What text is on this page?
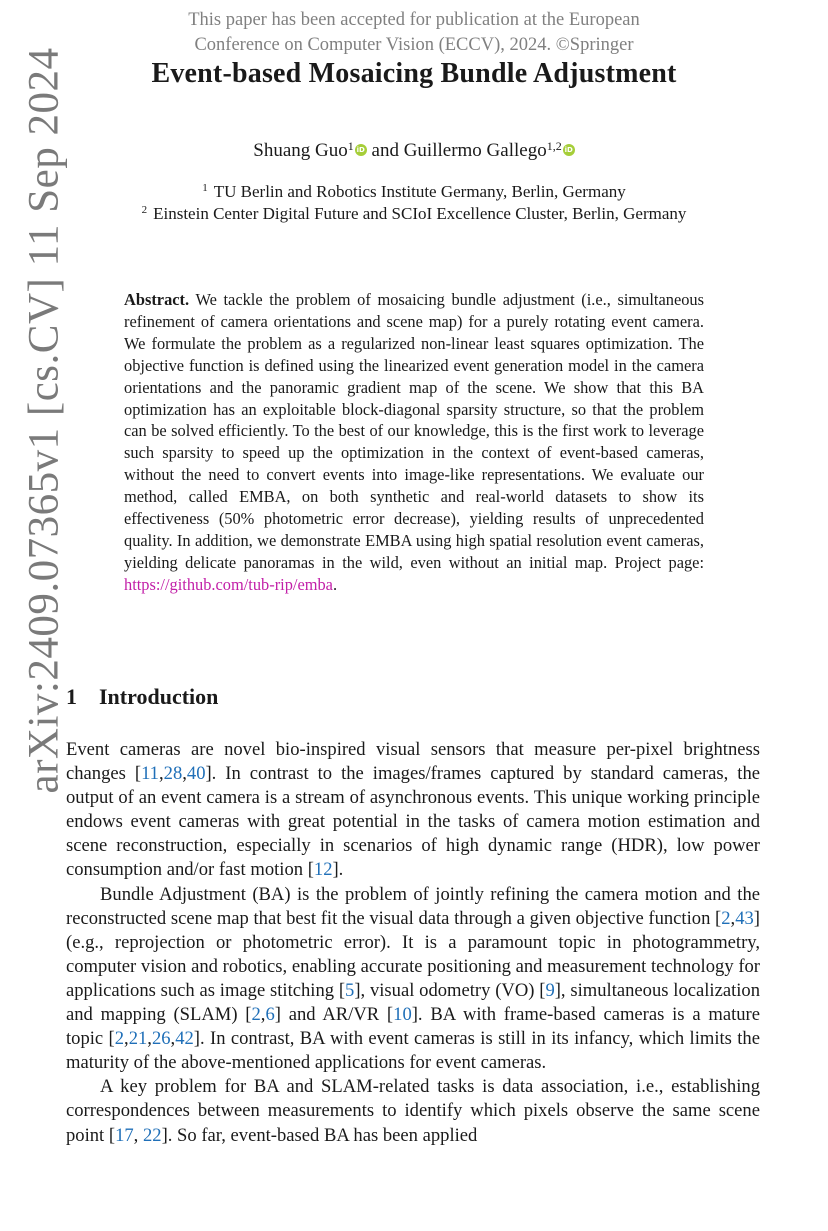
arXiv:2409.07365v1 [cs.CV] 11 Sep 2024
This paper has been accepted for publication at the European
Conference on Computer Vision (ECCV), 2024. ©Springer
Event-based Mosaicing Bundle Adjustment
Shuang Guo$^1$ iD and Guillermo Gallego$^{1,2}$ iD
$^1$ TU Berlin and Robotics Institute Germany, Berlin, Germany
$^2$ Einstein Center Digital Future and SCIoI Excellence Cluster, Berlin, Germany
Abstract. We tackle the problem of mosaicing bundle adjustment (i.e., simultaneous refinement of camera orientations and scene map) for a purely rotating event camera. We formulate the problem as a regularized non-linear least squares optimization. The objective function is defined using the linearized event generation model in the camera orientations and the panoramic gradient map of the scene. We show that this BA optimization has an exploitable block-diagonal sparsity structure, so that the problem can be solved efficiently. To the best of our knowledge, this is the first work to leverage such sparsity to speed up the optimization in the context of event-based cameras, without the need to convert events into image-like representations. We evaluate our method, called EMBA, on both synthetic and real-world datasets to show its effectiveness (50% photometric error decrease), yielding results of unprecedented quality. In addition, we demonstrate EMBA using high spatial resolution event cameras, yielding delicate panoramas in the wild, even without an initial map. Project page: https://github.com/tub-rip/emba.
1 Introduction

Event cameras are novel bio-inspired visual sensors that measure per-pixel brightness changes [11,28,40]. In contrast to the images/frames captured by standard cameras, the output of an event camera is a stream of asynchronous events. This unique working principle endows event cameras with great potential in the tasks of camera motion estimation and scene reconstruction, especially in scenarios of high dynamic range (HDR), low power consumption and/or fast motion [12].

Bundle Adjustment (BA) is the problem of jointly refining the camera motion and the reconstructed scene map that best fit the visual data through a given objective function [2,43] (e.g., reprojection or photometric error). It is a paramount topic in photogrammetry, computer vision and robotics, enabling accurate positioning and measurement technology for applications such as image stitching [5], visual odometry (VO) [9], simultaneous localization and mapping (SLAM) [2,6] and AR/VR [10]. BA with frame-based cameras is a mature topic [2,21,26,42]. In contrast, BA with event cameras is still in its infancy, which limits the maturity of the above-mentioned applications for event cameras.

A key problem for BA and SLAM-related tasks is data association, i.e., establishing correspondences between measurements to identify which pixels observe the same scene point [17, 22]. So far, event-based BA has been applied
